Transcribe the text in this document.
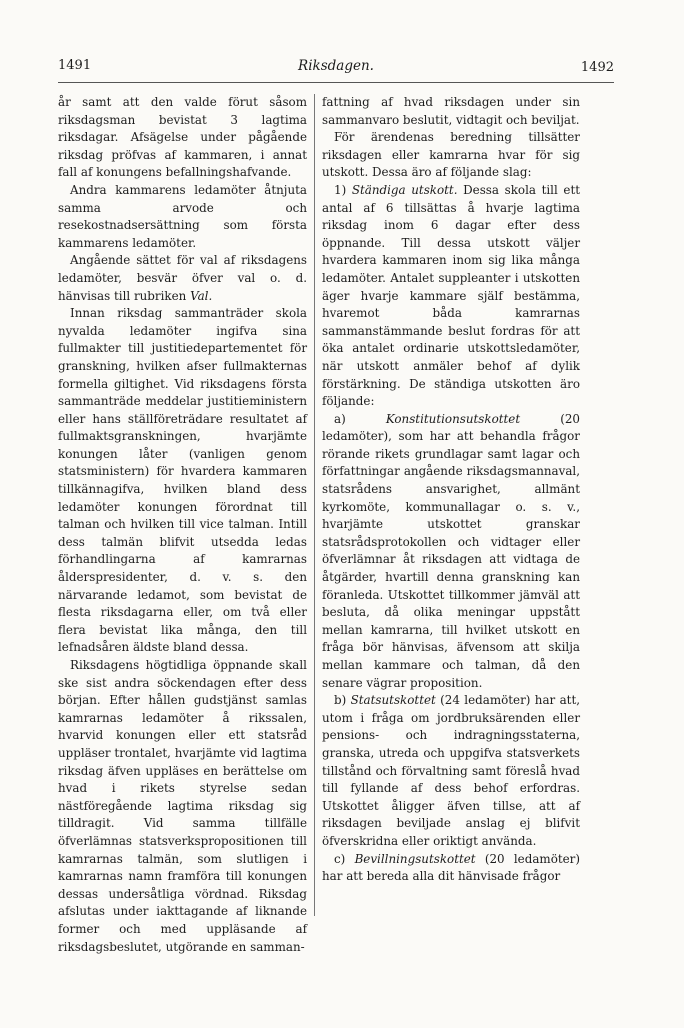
1491	Riksdagen.	1492

år samt att den valde förut såsom riksdagsman bevistat 3 lagtima riksdagar. Afsägelse under pågående riksdag pröfvas af kammaren, i annat fall af konungens befallningshafvande.

Andra kammarens ledamöter åtnjuta samma arvode och resekostnadsersättning som första kammarens ledamöter.

Angående sättet för val af riksdagens ledamöter, besvär öfver val o. d. hänvisas till rubriken Val.

Innan riksdag sammanträder skola nyvalda ledamöter ingifva sina fullmakter till justitiedepartementet för granskning, hvilken afser fullmakternas formella giltighet. Vid riksdagens första sammanträde meddelar justitieministern eller hans ställföreträdare resultatet af fullmaktsgranskningen, hvarjämte konungen låter (vanligen genom statsministern) för hvardera kammaren tillkännagifva, hvilken bland dess ledamöter konungen förordnat till talman och hvilken till vice talman. Intill dess talmän blifvit utsedda ledas förhandlingarna af kamrarnas ålderspresidenter, d. v. s. den närvarande ledamot, som bevistat de flesta riksdagarna eller, om två eller flera bevistat lika många, den till lefnadsåren äldste bland dessa.

Riksdagens högtidliga öppnande skall ske sist andra söckendagen efter dess början. Efter hållen gudstjänst samlas kamrarnas ledamöter å rikssalen, hvarvid konungen eller ett statsråd uppläser trontalet, hvarjämte vid lagtima riksdag äfven uppläses en berättelse om hvad i rikets styrelse sedan nästföregående lagtima riksdag sig tilldragit. Vid samma tillfälle öfverlämnas statsverkspropositionen till kamrarnas talmän, som slutligen i kamrarnas namn framföra till konungen dessas undersåtliga vördnad. Riksdag afslutas under iakttagande af liknande former och med uppläsande af riksdagsbeslutet, utgörande en samman-

fattning af hvad riksdagen under sin sammanvaro beslutit, vidtagit och beviljat.

För ärendenas beredning tillsätter riksdagen eller kamrarna hvar för sig utskott. Dessa äro af följande slag:

1) Ständiga utskott. Dessa skola till ett antal af 6 tillsättas å hvarje lagtima riksdag inom 6 dagar efter dess öppnande. Till dessa utskott väljer hvardera kammaren inom sig lika många ledamöter. Antalet suppleanter i utskotten äger hvarje kammare själf bestämma, hvaremot båda kamrarnas sammanstämmande beslut fordras för att öka antalet ordinarie utskottsledamöter, när utskott anmäler behof af dylik förstärkning. De ständiga utskotten äro följande:

a) Konstitutionsutskottet (20 ledamöter), som har att behandla frågor rörande rikets grundlagar samt lagar och författningar angående riksdagsmannaval, statsrådens ansvarighet, allmänt kyrkomöte, kommunallagar o. s. v., hvarjämte utskottet granskar statsrådsprotokollen och vidtager eller öfverlämnar åt riksdagen att vidtaga de åtgärder, hvartill denna granskning kan föranleda. Utskottet tillkommer jämväl att besluta, då olika meningar uppstått mellan kamrarna, till hvilket utskott en fråga bör hänvisas, äfvensom att skilja mellan kammare och talman, då den senare vägrar proposition.

b) Statsutskottet (24 ledamöter) har att, utom i fråga om jordbruksärenden eller pensions- och indragningsstaterna, granska, utreda och uppgifva statsverkets tillstånd och förvaltning samt föreslå hvad till fyllande af dess behof erfordras. Utskottet åligger äfven tillse, att af riksdagen beviljade anslag ej blifvit öfverskridna eller oriktigt använda.

c) Bevillningsutskottet (20 ledamöter) har att bereda alla dit hänvisade frågor
